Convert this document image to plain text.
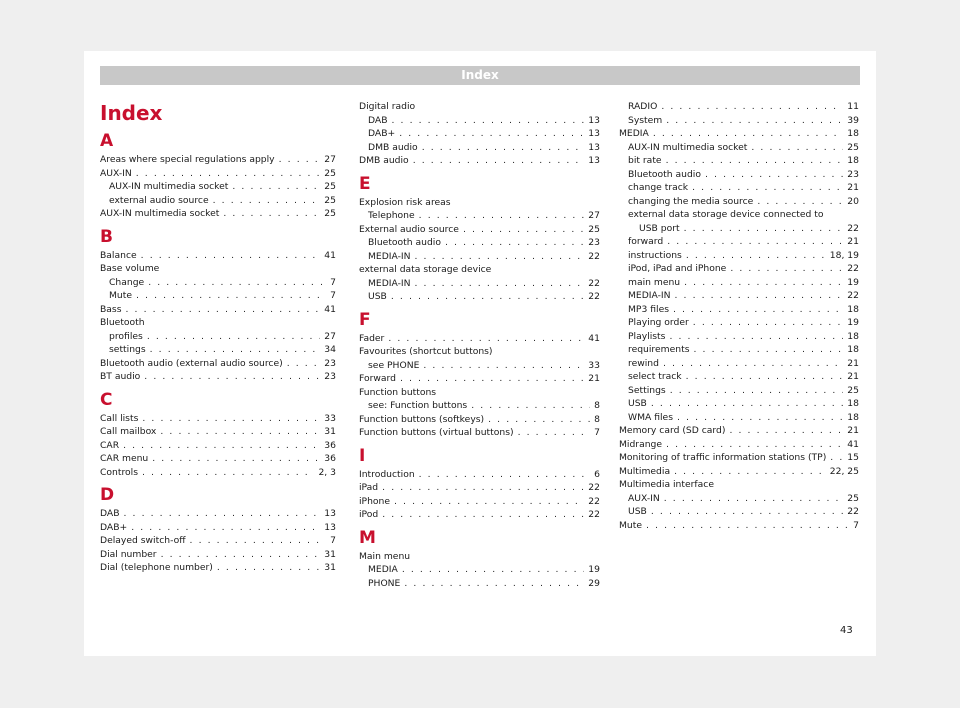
Index
Index
A
Areas where special regulations apply . . .	27
AUX-IN . . .	25
AUX-IN multimedia socket . . .	25
external audio source . . .	25
AUX-IN multimedia socket . . .	25
B
Balance . . .	41
Base volume
Change . . .	7
Mute . . .	7
Bass . . .	41
Bluetooth
profiles . . .	27
settings . . .	34
Bluetooth audio (external audio source) . . .	23
BT audio . . .	23
C
Call lists . . .	33
Call mailbox . . .	31
CAR . . .	36
CAR menu . . .	36
Controls . . .	2, 3
D
DAB . . .	13
DAB+ . . .	13
Delayed switch-off . . .	7
Dial number . . .	31
Dial (telephone number) . . .	31
Digital radio
DAB . . .	13
DAB+ . . .	13
DMB audio . . .	13
DMB audio . . .	13
E
Explosion risk areas
Telephone . . .	27
External audio source . . .	25
Bluetooth audio . . .	23
MEDIA-IN . . .	22
external data storage device
MEDIA-IN . . .	22
USB . . .	22
F
Fader . . .	41
Favourites (shortcut buttons)
see PHONE . . .	33
Forward . . .	21
Function buttons
see: Function buttons . . .	8
Function buttons (softkeys) . . .	8
Function buttons (virtual buttons) . . .	7
I
Introduction . . .	6
iPad . . .	22
iPhone . . .	22
iPod . . .	22
M
Main menu
MEDIA . . .	19
PHONE . . .	29
RADIO . . .	11
System . . .	39
MEDIA . . .	18
AUX-IN multimedia socket . . .	25
bit rate . . .	18
Bluetooth audio . . .	23
change track . . .	21
changing the media source . . .	20
external data storage device connected to
USB port . . .	22
forward . . .	21
instructions . . .	18, 19
iPod, iPad and iPhone . . .	22
main menu . . .	19
MEDIA-IN . . .	22
MP3 files . . .	18
Playing order . . .	19
Playlists . . .	18
requirements . . .	18
rewind . . .	21
select track . . .	21
Settings . . .	25
USB . . .	18
WMA files . . .	18
Memory card (SD card) . . .	21
Midrange . . .	41
Monitoring of traffic information stations (TP) . . . 15
Multimedia . . .	22, 25
Multimedia interface
AUX-IN . . .	25
USB . . .	22
Mute . . .	7
43
